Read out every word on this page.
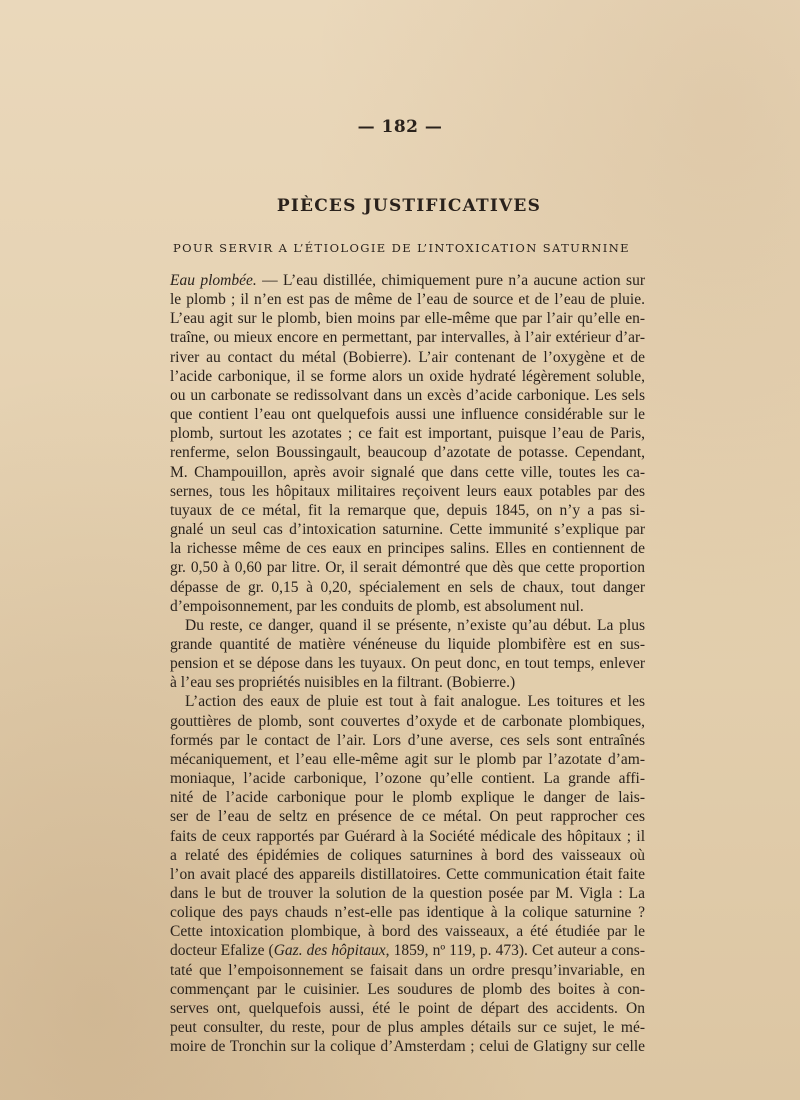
— 182 —
PIÈCES JUSTIFICATIVES
POUR SERVIR A L’ÉTIOLOGIE DE L’INTOXICATION SATURNINE
Eau plombée. — L’eau distillée, chimiquement pure n’a aucune action sur
le plomb ; il n’en est pas de même de l’eau de source et de l’eau de pluie.
L’eau agit sur le plomb, bien moins par elle-même que par l’air qu’elle en-
traîne, ou mieux encore en permettant, par intervalles, à l’air extérieur d’ar-
river au contact du métal (Bobierre). L’air contenant de l’oxygène et de
l’acide carbonique, il se forme alors un oxide hydraté légèrement soluble,
ou un carbonate se redissolvant dans un excès d’acide carbonique. Les sels
que contient l’eau ont quelquefois aussi une influence considérable sur le
plomb, surtout les azotates ; ce fait est important, puisque l’eau de Paris,
renferme, selon Boussingault, beaucoup d’azotate de potasse. Cependant,
M. Champouillon, après avoir signalé que dans cette ville, toutes les ca-
sernes, tous les hôpitaux militaires reçoivent leurs eaux potables par des
tuyaux de ce métal, fit la remarque que, depuis 1845, on n’y a pas si-
gnalé un seul cas d’intoxication saturnine. Cette immunité s’explique par
la richesse même de ces eaux en principes salins. Elles en contiennent de
gr. 0,50 à 0,60 par litre. Or, il serait démontré que dès que cette proportion
dépasse de gr. 0,15 à 0,20, spécialement en sels de chaux, tout danger
d’empoisonnement, par les conduits de plomb, est absolument nul.
Du reste, ce danger, quand il se présente, n’existe qu’au début. La plus
grande quantité de matière vénéneuse du liquide plombifère est en sus-
pension et se dépose dans les tuyaux. On peut donc, en tout temps, enlever
à l’eau ses propriétés nuisibles en la filtrant. (Bobierre.)
L’action des eaux de pluie est tout à fait analogue. Les toitures et les
gouttières de plomb, sont couvertes d’oxyde et de carbonate plombiques,
formés par le contact de l’air. Lors d’une averse, ces sels sont entraînés
mécaniquement, et l’eau elle-même agit sur le plomb par l’azotate d’am-
moniaque, l’acide carbonique, l’ozone qu’elle contient. La grande affi-
nité de l’acide carbonique pour le plomb explique le danger de lais-
ser de l’eau de seltz en présence de ce métal. On peut rapprocher ces
faits de ceux rapportés par Guérard à la Société médicale des hôpitaux ; il
a relaté des épidémies de coliques saturnines à bord des vaisseaux où
l’on avait placé des appareils distillatoires. Cette communication était faite
dans le but de trouver la solution de la question posée par M. Vigla : La
colique des pays chauds n’est-elle pas identique à la colique saturnine ?
Cette intoxication plombique, à bord des vaisseaux, a été étudiée par le
docteur Efalize (Gaz. des hôpitaux, 1859, nº 119, p. 473). Cet auteur a cons-
taté que l’empoisonnement se faisait dans un ordre presqu’invariable, en
commençant par le cuisinier. Les soudures de plomb des boites à con-
serves ont, quelquefois aussi, été le point de départ des accidents. On
peut consulter, du reste, pour de plus amples détails sur ce sujet, le mé-
moire de Tronchin sur la colique d’Amsterdam ; celui de Glatigny sur celle
